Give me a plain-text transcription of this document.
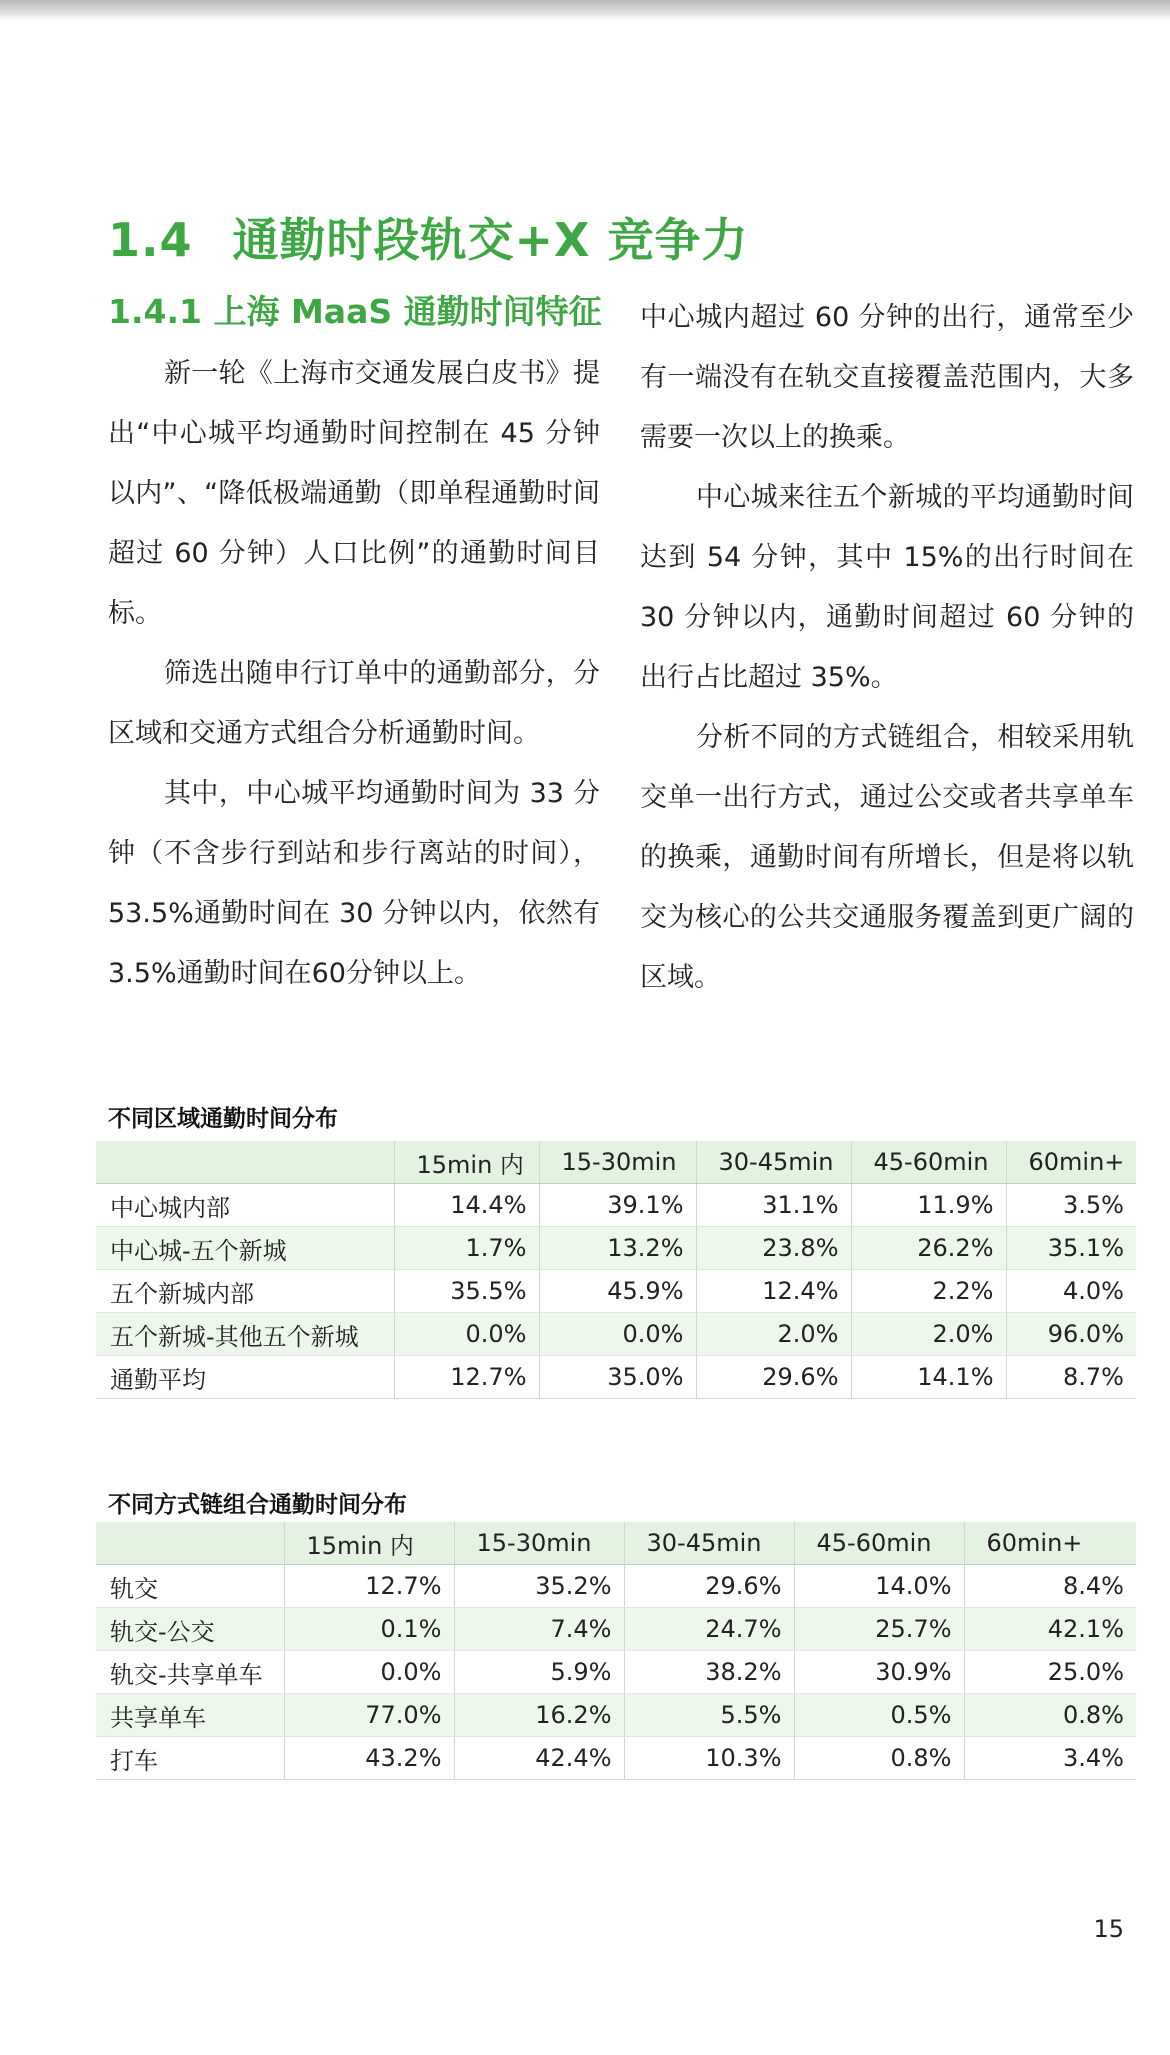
1.4 通勤时段轨交+X 竞争力
1.4.1 上海 MaaS 通勤时间特征

新一轮《上海市交通发展白皮书》提出“中心城平均通勤时间控制在 45 分钟以内”、“降低极端通勤（即单程通勤时间超过 60 分钟）人口比例”的通勤时间目标。

筛选出随申行订单中的通勤部分，分区域和交通方式组合分析通勤时间。

其中，中心城平均通勤时间为 33 分钟（不含步行到站和步行离站的时间），53.5%通勤时间在 30 分钟以内，依然有 3.5%通勤时间在60分钟以上。

中心城内超过 60 分钟的出行，通常至少有一端没有在轨交直接覆盖范围内，大多需要一次以上的换乘。

中心城来往五个新城的平均通勤时间达到 54 分钟，其中 15%的出行时间在 30 分钟以内，通勤时间超过 60 分钟的出行占比超过 35%。

分析不同的方式链组合，相较采用轨交单一出行方式，通过公交或者共享单车的换乘，通勤时间有所增长，但是将以轨交为核心的公共交通服务覆盖到更广阔的区域。

不同区域通勤时间分布
	15min 内	15-30min	30-45min	45-60min	60min+
中心城内部	14.4%	39.1%	31.1%	11.9%	3.5%
中心城-五个新城	1.7%	13.2%	23.8%	26.2%	35.1%
五个新城内部	35.5%	45.9%	12.4%	2.2%	4.0%
五个新城-其他五个新城	0.0%	0.0%	2.0%	2.0%	96.0%
通勤平均	12.7%	35.0%	29.6%	14.1%	8.7%
不同方式链组合通勤时间分布
	15min 内	15-30min	30-45min	45-60min	60min+
轨交	12.7%	35.2%	29.6%	14.0%	8.4%
轨交-公交	0.1%	7.4%	24.7%	25.7%	42.1%
轨交-共享单车	0.0%	5.9%	38.2%	30.9%	25.0%
共享单车	77.0%	16.2%	5.5%	0.5%	0.8%
打车	43.2%	42.4%	10.3%	0.8%	3.4%
15
